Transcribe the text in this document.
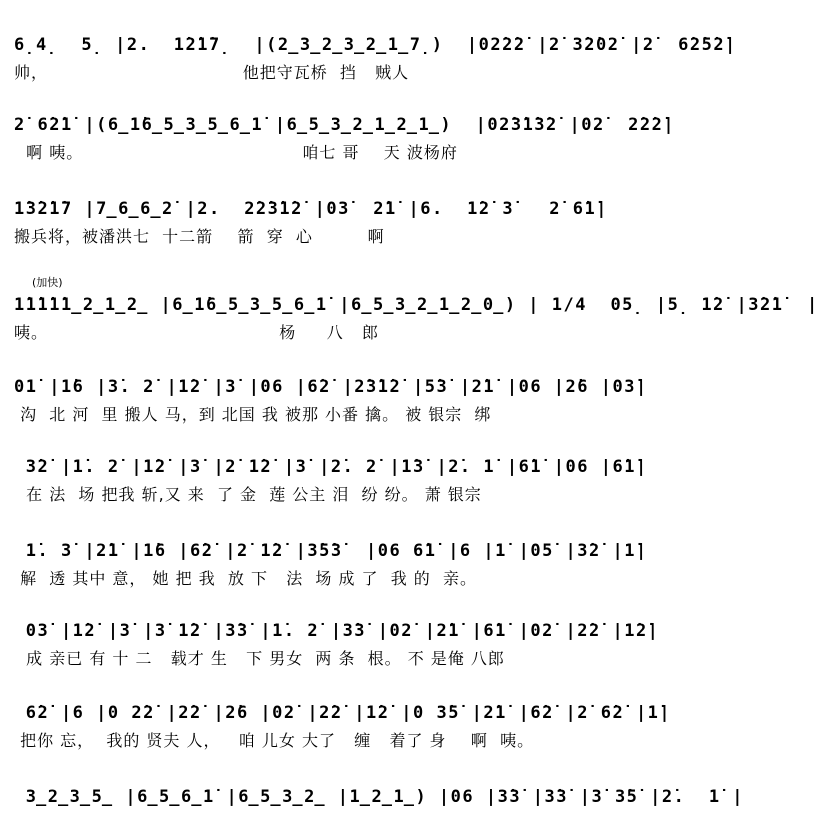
6̣4̣  5̣ |2.  1̇2̇1̇7̣  |(2̲3̲2̲3̲2̲1̲7̣)  |02̇2̇2̇ |2̇ 3̇2̇02̇ |2̇  6̇2̇5̇2̇|
帅，                                他把守瓦桥  挡   贼人
2̇ 6̇2̇1̇ |(6̲1̇6̲5̲3̲5̲6̲1̇ |6̲5̲3̲2̲1̲2̲1̲)  |02̇3̇1̇3̇2̇ |02̇  2̇2̇2̇|
啊 咦。                                    咱七 哥    天 波杨府
1̇3̇2̇1̇7 |7̲6̲6̲2̇ |2.  2̇2̇3̇1̇2̇ |03̇  2̇1̇ |6.  1̇2̇ 3̇   2̇ 6̇1̇|
搬兵将，被潘洪七  十二箭    箭  穿  心         啊
(加快)
1̇1̇1̇1̇1̲2̲1̲2̲ |6̲1̇6̲5̲3̲5̲6̲1̇ |6̲5̲3̲2̲1̲2̲0̲) | 1/4  05̣ |5̣ 1̇2̇ |3̇2̇1̇  |
咦。                                      杨     八   郎
01̇ |1̇6 |3̇. 2̇ |1̇2̇ |3̇ |06 |6̇2̇ |2̇3̇1̇2̇ |5̇3̇ |2̇1̇ |06 |2̇6 |03̇|
沟  北 河  里 搬人 马，到 北国 我 被那 小番 擒。 被 银宗  绑
3̇2̇ |1̇. 2̇ |1̇2̇ |3̇ |2̇ 1̇2̇ |3̇ |2̇. 2̇ |1̇3̇ |2̇. 1̇ |6̇1̇ |06 |6̇1̇|
在 法  场 把我 斩,又 来  了 金  莲 公主 泪  纷 纷。 萧 银宗
1̇. 3̇ |2̇1̇ |1̇6 |6̇2̇ |2̇ 1̇2̇ |3̇5̇3̇  |06 6̇1̇ |6 |1̇ |05̇ |3̇2̇ |1̇|
解  透 其中 意， 她 把 我  放 下   法  场 成 了  我 的  亲。
03̇ |1̇2̇ |3̇ |3̇ 1̇2̇ |3̇3̇ |1̇. 2̇ |3̇3̇ |02̇ |2̇1̇ |6̇1̇ |02̇ |2̇2̇ |1̇2̇|
成 亲已 有 十 二   载才 生   下 男女  两 条  根。 不 是俺 八郎
6̇2̇ |6 |0 2̇2̇ |2̇2̇ |2̇6 |02̇ |2̇2̇ |1̇2̇ |0 3̇5̇ |2̇1̇ |6̇2̇ |2̇ 6̇2̇ |1̇|
把你 忘，  我的 贤夫 人，   咱 儿女 大了   缠   着了 身    啊  咦。
3̲2̲3̲5̲ |6̲5̲6̲1̇ |6̲5̲3̲2̲ |1̲2̲1̲) |06 |3̇3̇ |3̇3̇ |3̇ 3̇5̇ |2̇.  1̇ |
